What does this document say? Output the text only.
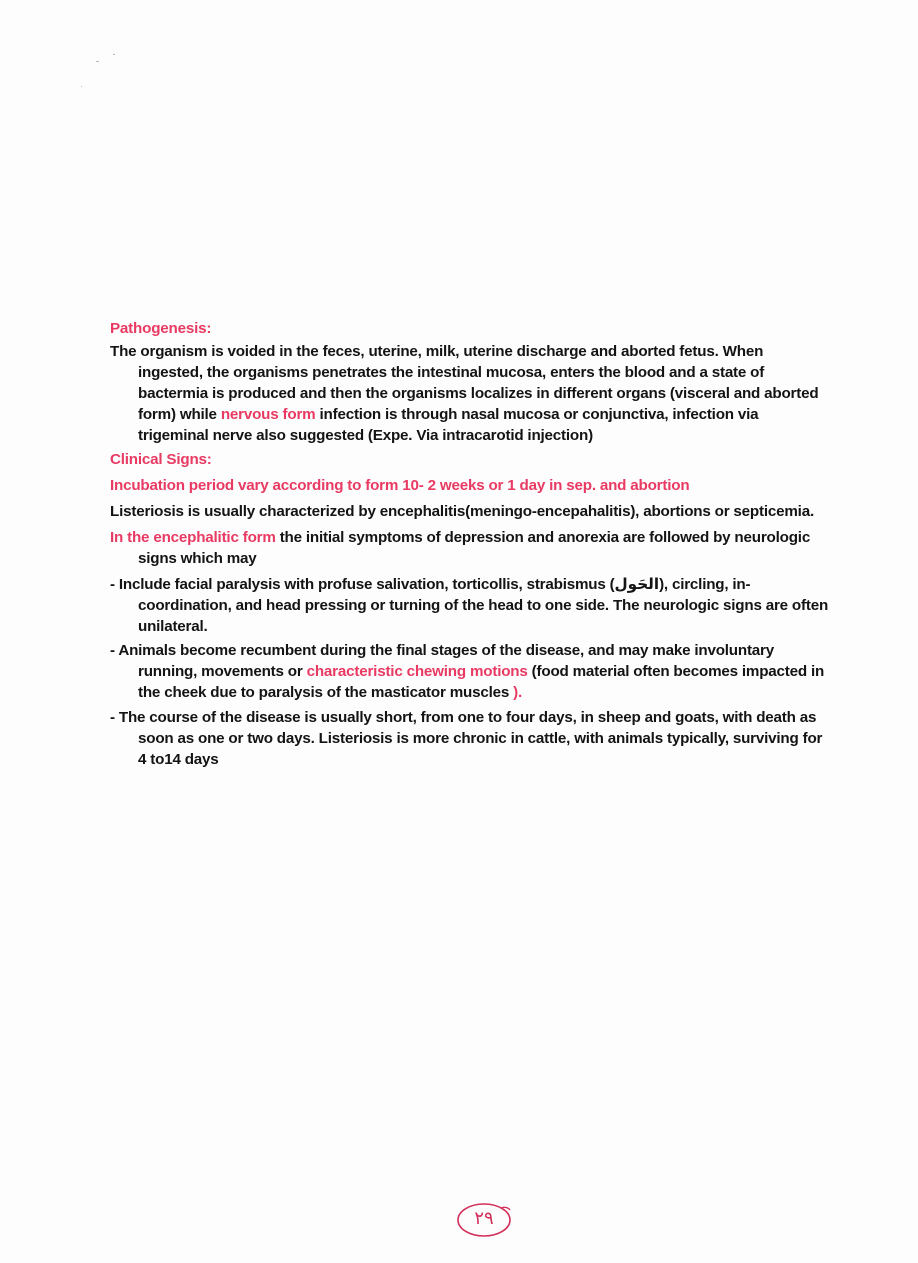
Pathogenesis:

The organism is voided in the feces, uterine, milk, uterine discharge and aborted fetus. When ingested, the organisms penetrates the intestinal mucosa, enters the blood and a state of bactermia is produced and then the organisms localizes in different organs (visceral and aborted form) while nervous form infection is through nasal mucosa or conjunctiva, infection via trigeminal nerve also suggested (Expe. Via intracarotid injection)

Clinical Signs:

Incubation period vary according to form 10- 2 weeks or 1 day in sep. and abortion

Listeriosis is usually characterized by encephalitis(meningo-encepahalitis), abortions or septicemia.

In the encephalitic form the initial symptoms of depression and anorexia are followed by neurologic signs which may

- Include facial paralysis with profuse salivation, torticollis, strabismus (الحَول), circling, in-coordination, and head pressing or turning of the head to one side. The neurologic signs are often unilateral.

- Animals become recumbent during the final stages of the disease, and may make involuntary running, movements or characteristic chewing motions (food material often becomes impacted in the cheek due to paralysis of the masticator muscles ).

- The course of the disease is usually short, from one to four days, in sheep and goats, with death as soon as one or two days. Listeriosis is more chronic in cattle, with animals typically, surviving for 4 to14 days

٢٩
